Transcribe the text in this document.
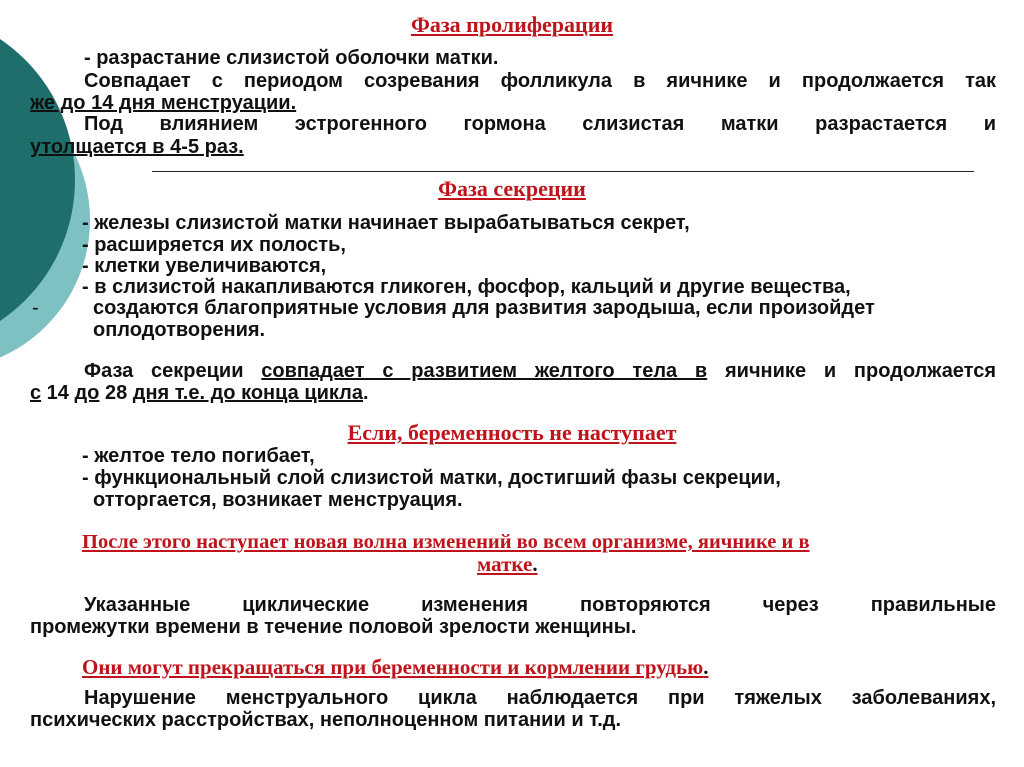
Фаза пролиферации
- разрастание слизистой оболочки матки.
Совпадает с периодом созревания фолликула в яичнике и продолжается так
же до 14 дня менструации.
Под влиянием эстрогенного гормона слизистая матки разрастается и
утолщается в 4-5 раз.
Фаза секреции
- железы слизистой матки начинает вырабатываться секрет,
- расширяется их полость,
- клетки увеличиваются,
- в слизистой накапливаются гликоген, фосфор, кальций и другие вещества,
-	создаются благоприятные условия для развития зародыша, если произойдет
оплодотворения.
Фаза секреции совпадает с развитием желтого тела в яичнике и продолжается
с 14 до 28 дня т.е. до конца цикла.
Если, беременность не наступает
- желтое тело погибает,
- функциональный слой слизистой матки, достигший фазы секреции,
отторгается, возникает менструация.
После этого наступает новая волна изменений во всем организме, яичнике и в
матке.
Указанные циклические изменения повторяются через правильные
промежутки времени в течение половой зрелости женщины.
Они могут прекращаться при беременности и кормлении грудью.
Нарушение менструального цикла наблюдается при тяжелых заболеваниях,
психических расстройствах, неполноценном питании и т.д.
